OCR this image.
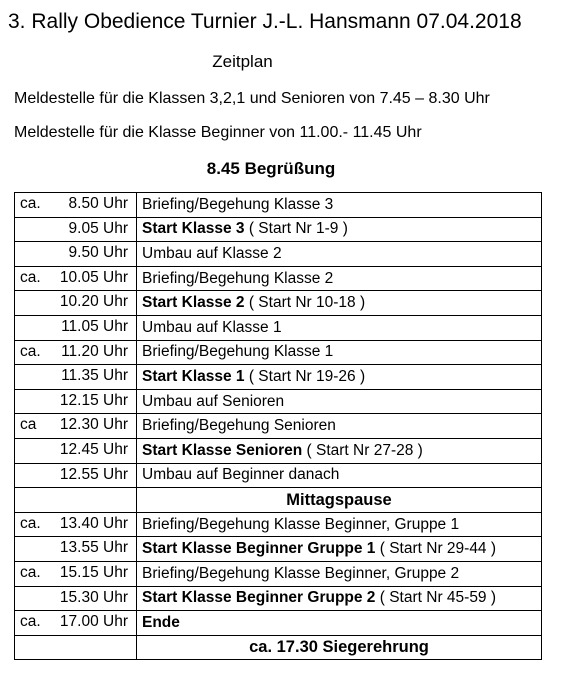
3. Rally Obedience Turnier J.-L. Hansmann 07.04.2018
Zeitplan
Meldestelle für die Klassen 3,2,1 und Senioren von 7.45 – 8.30 Uhr
Meldestelle für die Klasse Beginner von 11.00.- 11.45 Uhr
8.45 Begrüßung
ca. 8.50 Uhr	Briefing/Begehung Klasse 3

9.05 Uhr	Start Klasse 3 ( Start Nr 1-9 )

9.50 Uhr	Umbau auf Klasse 2

ca. 10.05 Uhr	Briefing/Begehung Klasse 2

10.20 Uhr	Start Klasse 2 ( Start Nr 10-18 )

11.05 Uhr	Umbau auf Klasse 1

ca. 11.20 Uhr	Briefing/Begehung Klasse 1

11.35 Uhr	Start Klasse 1 ( Start Nr 19-26 )

12.15 Uhr	Umbau auf Senioren

ca 12.30 Uhr	Briefing/Begehung Senioren

12.45 Uhr	Start Klasse Senioren ( Start Nr 27-28 )

12.55 Uhr	Umbau auf Beginner danach
	Mittagspause

ca. 13.40 Uhr	Briefing/Begehung Klasse Beginner, Gruppe 1

13.55 Uhr	Start Klasse Beginner Gruppe 1 ( Start Nr 29-44 )

ca. 15.15 Uhr	Briefing/Begehung Klasse Beginner, Gruppe 2

15.30 Uhr	Start Klasse Beginner Gruppe 2 ( Start Nr 45-59 )

ca. 17.00 Uhr	Ende
	ca. 17.30 Siegerehrung
